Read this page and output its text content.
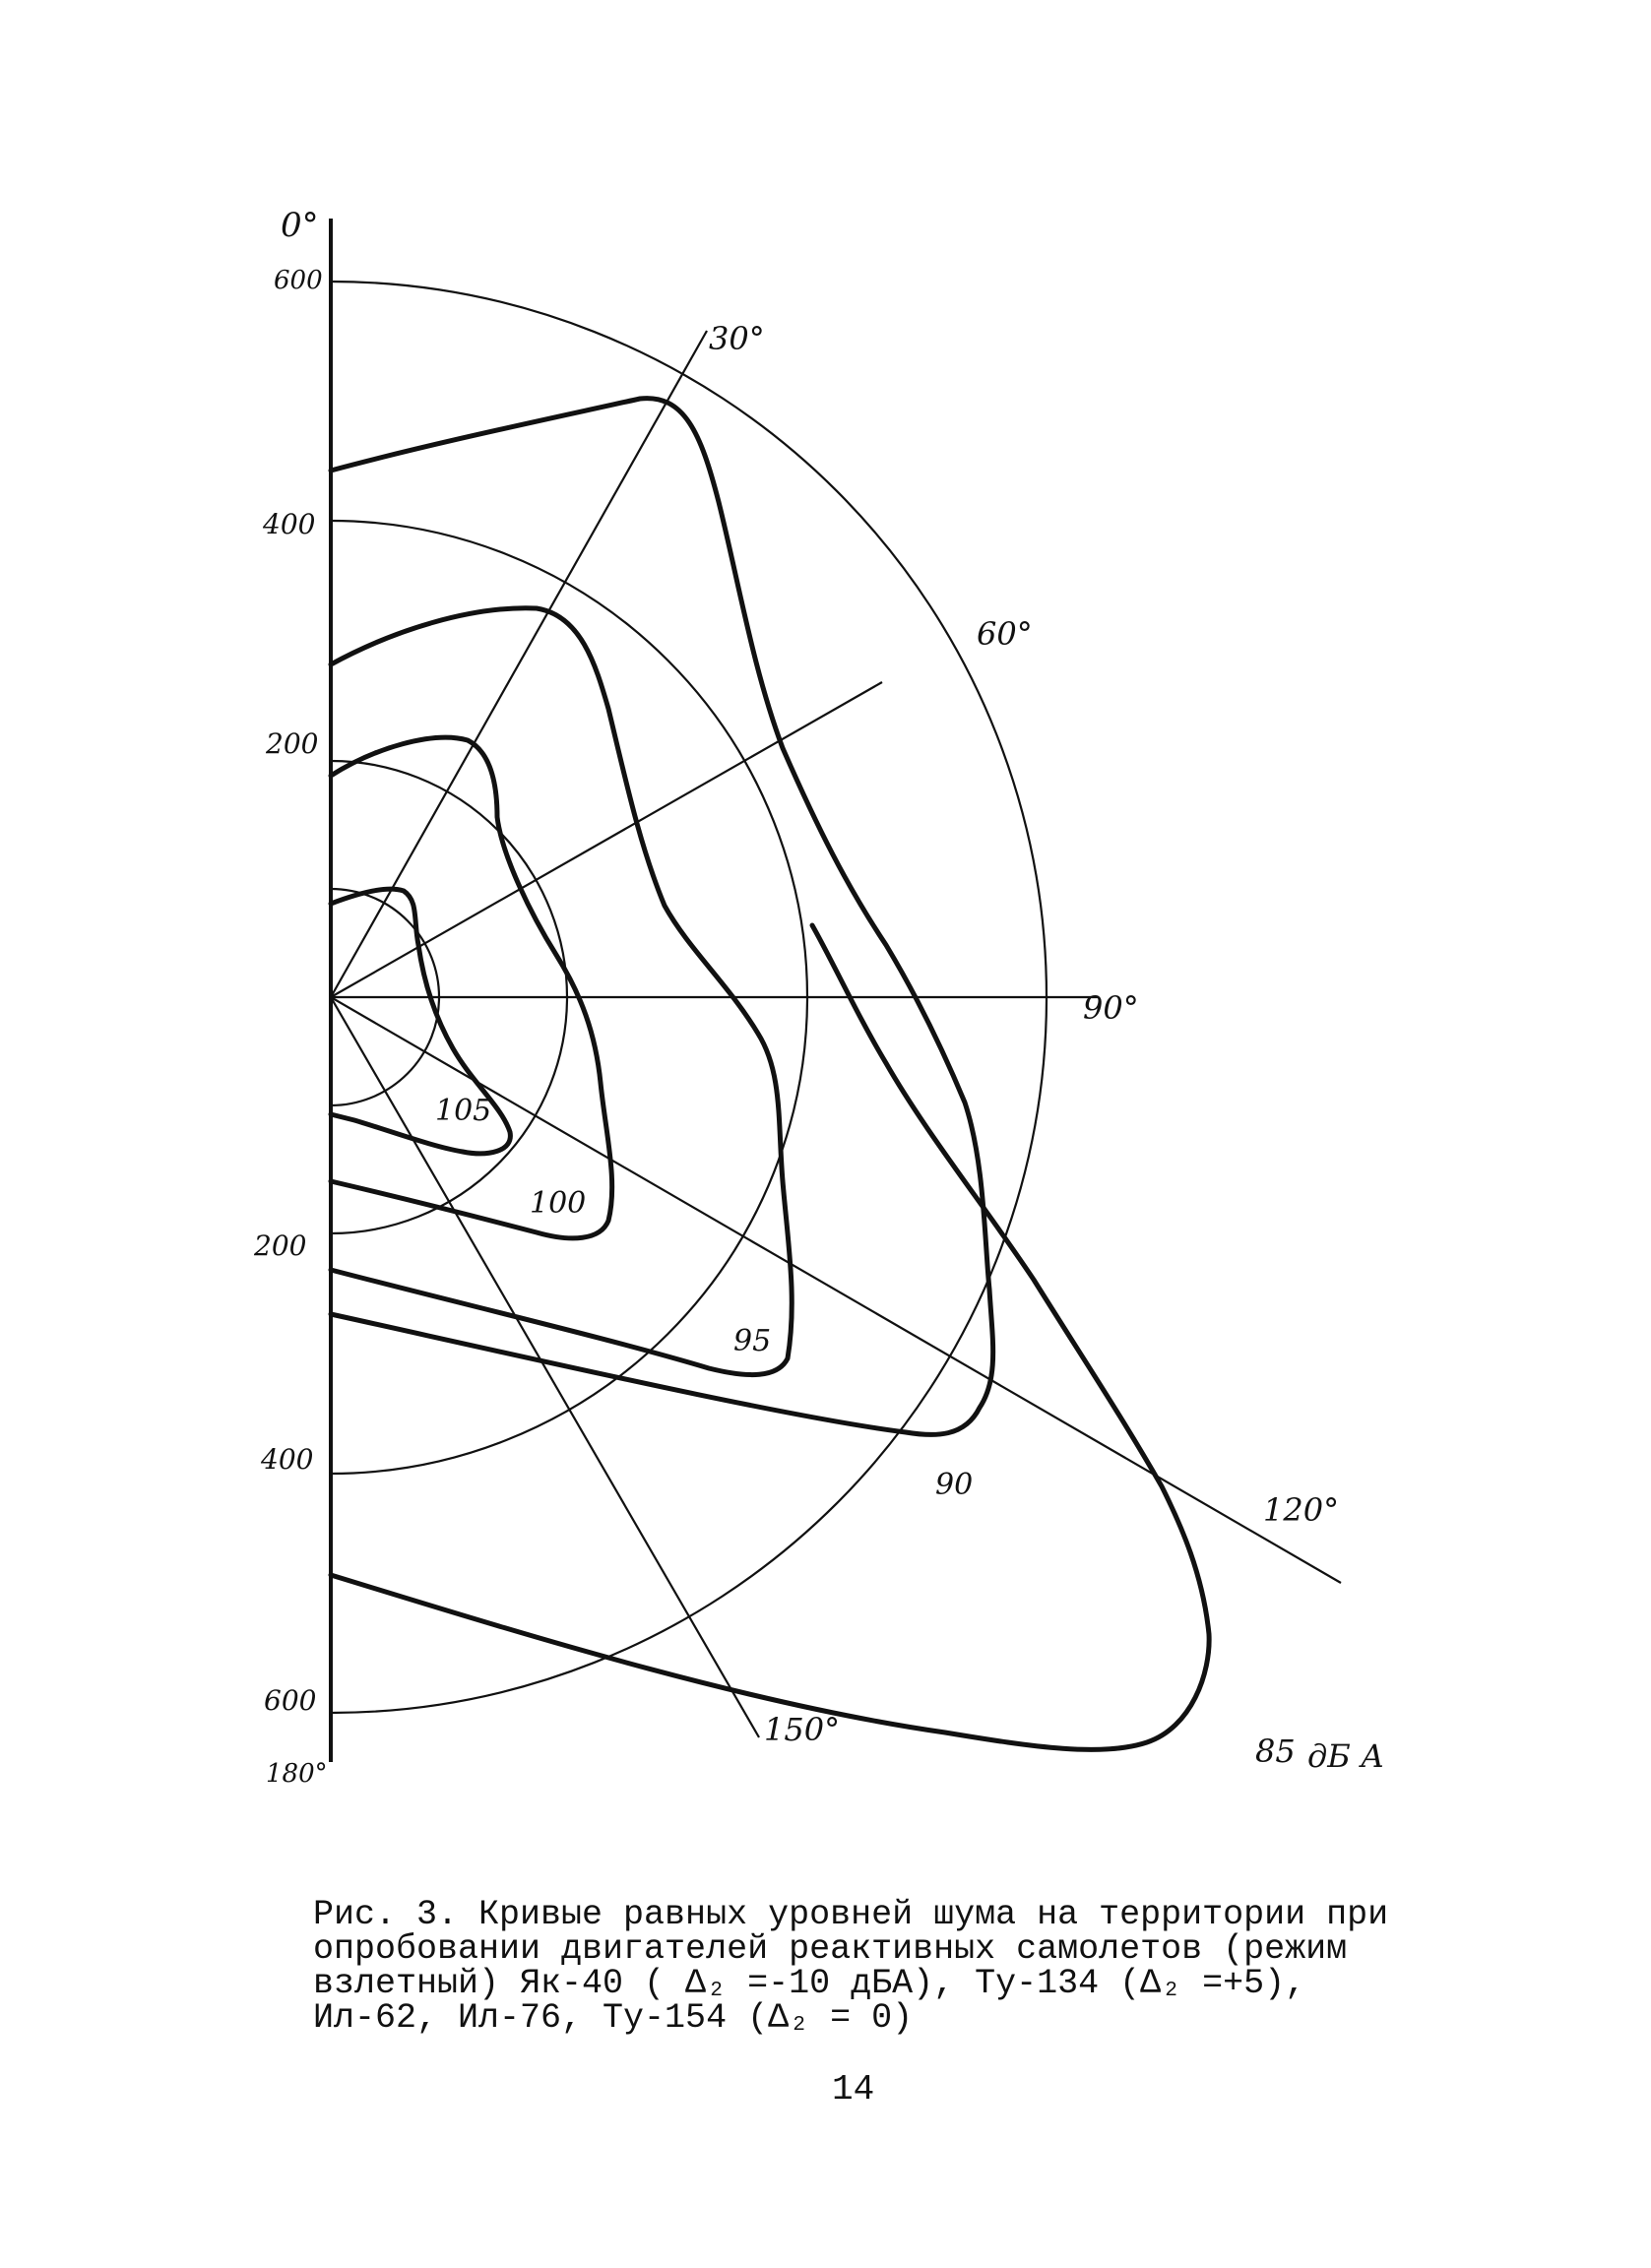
0°
30°
60°
90°
120°
150°
180°
600
400
200
200
400
600
105
100
95
90
85 дБ А
Рис. 3. Кривые равных уровней шума на территории при
опробовании двигателей реактивных самолетов (режим
взлетный) Як-40 ( Δ₂ =-10 дБА), Ту-134 (Δ₂ =+5),
Ил-62, Ил-76, Ту-154 (Δ₂ = 0)
14
